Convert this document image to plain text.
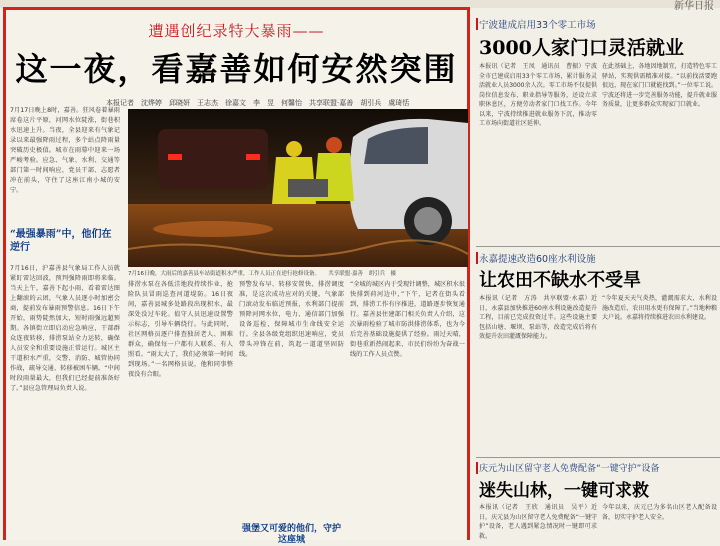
新华日报
遭遇创纪录特大暴雨——
这一夜，看嘉善如何安然突围
本报记者　沈烨婷　邱晓妍　王志杰　徐嘉文　李　昱　何馨怡　共享联盟·嘉善　胡引兵　虞琦恬
7月17日晚上8时，嘉善。狂风卷着暴雨席卷这片平原，河网水位陡涨，街巷积水迅速上升。当夜，全县迎来有气象记录以来最强降雨过程，多个站点降雨量突破历史极值。城市在雨幕中迎来一场严峻考验。应急、气象、水利、交通等部门第一时间响应，党员干部、志愿者冲在前头，守住了这座江南小城的安宁。
7月16日，沪嘉善县气象局工作人员就紧盯雷达回波，预判强降雨即将来临。当天上午，嘉善下起小雨，看着雷达图上翻滚的云团，气象人员逐小时加密会商，提前发布暴雨预警信息。16日下午开始，雨势陡然加大，短时雨强远超预期。各镇街立即启动应急响应，干部群众连夜转移，排涝泵站全力运转，确保人员安全和重要设施正常运行。城区主干道积水严重，交警、消防、城管协同作战，疏导交通、转移被困车辆。“中间时段雨量最大，但我们已经提前准备好了。”县应急管理局负责人说。
“最强暴雨”中，他们在逆行
7月16日晚，大雨后的嘉善县车站街道积水严重，工作人员正在逆行抢修设备。　　共享联盟·嘉善　胡引兵　摄
排涝水泵在各低洼地段持续作业，抢险队员冒雨巡查河道堤防。16日夜间，嘉善县城多处路段出现积水，最深处没过车轮。值守人员迅速设置警示标志，引导车辆绕行。与此同时，社区网格员逐户排查独居老人、困难群众，确保每一户都有人联系、有人照看。“雨太大了，我们必须第一时间到现场。”一名网格员说，他和同事整夜没有合眼。
预警发布早、转移安置快、排涝调度准，是这次成功应对的关键。气象部门滚动发布临近预报，水利部门提前预降河网水位，电力、通信部门加强设备巡检，保障城市生命线安全运行。全县各级党组织迅速响应，党员带头冲锋在前，筑起一道道坚固防线。
强堡又可爱的他们，守护这座城
“全城的城区内于受现针调整，城区积水很快排到荷河边中，”下午，记者在街头看到，排涝工作有序推进，道路逐步恢复通行。嘉善县住建部门相关负责人介绍，这次暴雨检验了城市防洪排涝体系，也为今后完善基础设施提供了经验。雨过天晴，街巷重新热闹起来，市民们纷纷为奋战一线的工作人员点赞。
宁波建成启用33个零工市场
3000人家门口灵活就业
本报讯（记者　王凤　通讯员　曹振）宁波全市已建成启用33个零工市场，累计服务灵活就业人员3000余人次。零工市场不仅提供岗位信息发布、职业指导等服务，还设立求职休息区，方便劳动者家门口找工作。今年以来，宁波持续推进就业服务下沉，推动零工市场向街道社区延伸。
在此基础上，各地因地制宜，打造特色零工驿站，实现供需精准对接。“以前找活要跑很远，现在家门口就能找到。”一位零工说。宁波还将进一步完善服务功能，提升就业服务质量，让更多群众实现家门口就业。
永嘉提速改造60座水利设施
让农田不缺水不受旱
本报讯（记者　方涛　共享联盟·永嘉）近日，永嘉县加快推进60座水利设施改造提升工程，目前已完成投资过半。这些设施主要包括山塘、堰坝、泵站等，改造完成后将有效提升农田灌溉保障能力。
“今年夏天天气炎热，灌溉需求大，水利设施改造后，农田用水更有保障了。”当地种粮大户说。永嘉将持续推进农田水利建设。
庆元为山区留守老人免费配备“一键守护”设备
迷失山林，一键可求救
本报讯（记者　王欣　通讯员　吴平）近日，庆元县为山区留守老人免费配备“一键守护”设备，老人遇到紧急情况时一键即可求救。
今年以来，庆元已为多名山区老人配备设备，切实守护老人安全。
